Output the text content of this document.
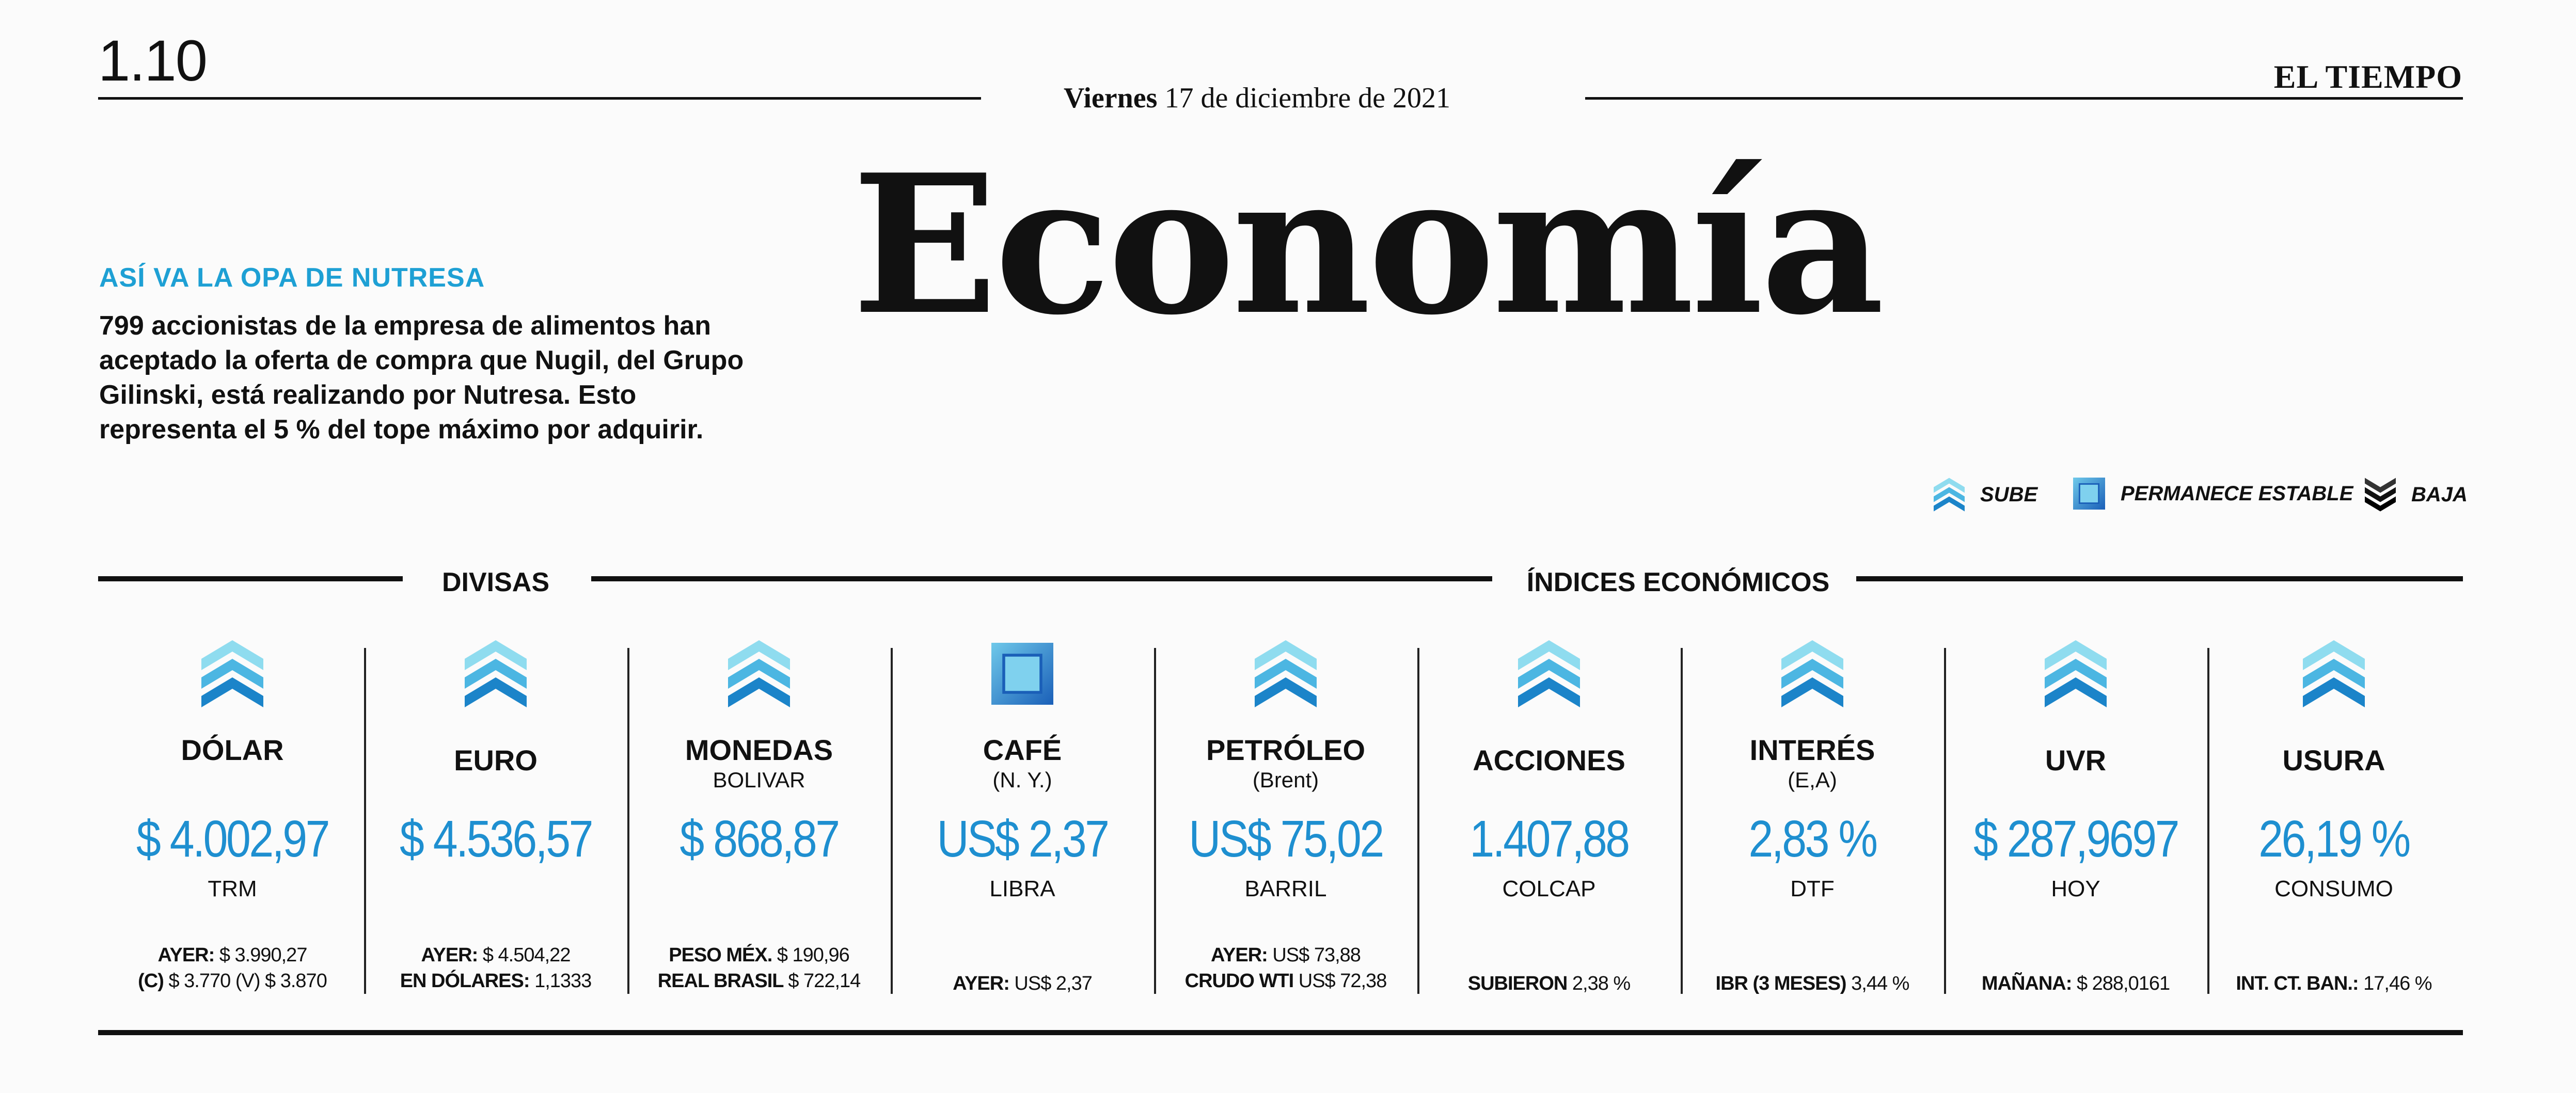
1.10
Viernes 17 de diciembre de 2021
EL TIEMPO
Economía
ASÍ VA LA OPA DE NUTRESA
799 accionistas de la empresa de alimentos han aceptado la oferta de compra que Nugil, del Grupo Gilinski, está realizando por Nutresa. Esto representa el 5 % del tope máximo por adquirir.
SUBE	PERMANECE ESTABLE	BAJA
DIVISAS	ÍNDICES ECONÓMICOS
DÓLAR
$ 4.002,97
TRM
AYER: $ 3.990,27
(C) $ 3.770 (V) $ 3.870
EURO
$ 4.536,57
AYER: $ 4.504,22
EN DÓLARES: 1,1333
MONEDAS
BOLIVAR
$ 868,87
PESO MÉX. $ 190,96
REAL BRASIL $ 722,14
CAFÉ
(N. Y.)
US$ 2,37
LIBRA
AYER: US$ 2,37
PETRÓLEO
(Brent)
US$ 75,02
BARRIL
AYER: US$ 73,88
CRUDO WTI US$ 72,38
ACCIONES
1.407,88
COLCAP
SUBIERON 2,38 %
INTERÉS
(E,A)
2,83 %
DTF
IBR (3 MESES) 3,44 %
UVR
$ 287,9697
HOY
MAÑANA: $ 288,0161
USURA
26,19 %
CONSUMO
INT. CT. BAN.: 17,46 %
